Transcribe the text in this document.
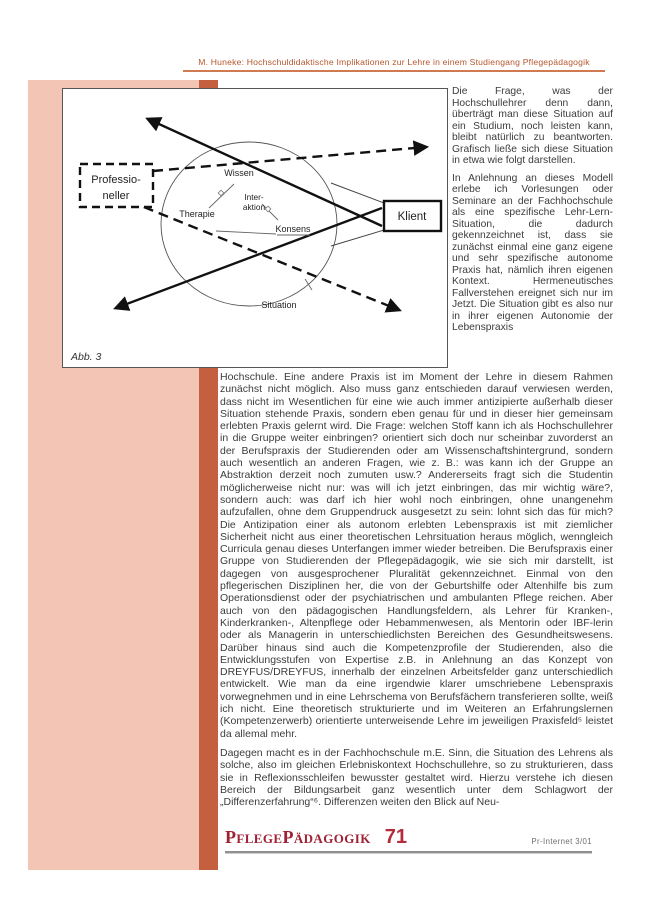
M. Huneke: Hochschuldidaktische Implikationen zur Lehre in einem Studiengang Pflegepädagogik
Professio-
neller
Klient
Wissen
Inter-
aktion
Therapie
Konsens
Situation
Abb. 3

Die Frage, was der Hochschullehrer denn dann, überträgt man diese Situation auf ein Studium, noch leisten kann, bleibt natürlich zu beantworten. Grafisch ließe sich diese Situation in etwa wie folgt darstellen.

In Anlehnung an dieses Modell erlebe ich Vorlesungen oder Seminare an der Fachhochschule als eine spezifische Lehr-Lern-Situation, die dadurch gekennzeichnet ist, dass sie zunächst einmal eine ganz eigene und sehr spezifische autonome Praxis hat, nämlich ihren eigenen Kontext. Hermeneutisches Fallverstehen ereignet sich nur im Jetzt. Die Situation gibt es also nur in ihrer eigenen Autonomie der Lebenspraxis

Hochschule. Eine andere Praxis ist im Moment der Lehre in diesem Rahmen zunächst nicht möglich. Also muss ganz entschieden darauf verwiesen werden, dass nicht im Wesentlichen für eine wie auch immer antizipierte außerhalb dieser Situation stehende Praxis, sondern eben genau für und in dieser hier gemeinsam erlebten Praxis gelernt wird. Die Frage: welchen Stoff kann ich als Hochschullehrer in die Gruppe weiter einbringen? orientiert sich doch nur scheinbar zuvorderst an der Berufspraxis der Studierenden oder am Wissenschaftshintergrund, sondern auch wesentlich an anderen Fragen, wie z. B.: was kann ich der Gruppe an Abstraktion derzeit noch zumuten usw.? Andererseits fragt sich die Studentin möglicherweise nicht nur: was will ich jetzt einbringen, das mir wichtig wäre?, sondern auch: was darf ich hier wohl noch einbringen, ohne unangenehm aufzufallen, ohne dem Gruppendruck ausgesetzt zu sein: lohnt sich das für mich? Die Antizipation einer als autonom erlebten Lebenspraxis ist mit ziemlicher Sicherheit nicht aus einer theoretischen Lehrsituation heraus möglich, wenngleich Curricula genau dieses Unterfangen immer wieder betreiben. Die Berufspraxis einer Gruppe von Studierenden der Pflegepädagogik, wie sie sich mir darstellt, ist dagegen von ausgesprochener Pluralität gekennzeichnet. Einmal von den pflegerischen Disziplinen her, die von der Geburtshilfe oder Altenhilfe bis zum Operationsdienst oder der psychiatrischen und ambulanten Pflege reichen. Aber auch von den pädagogischen Handlungsfeldern, als Lehrer für Kranken-, Kinderkranken-, Altenpflege oder Hebammenwesen, als Mentorin oder IBF-lerin oder als Managerin in unterschiedlichsten Bereichen des Gesundheitswesens. Darüber hinaus sind auch die Kompetenzprofile der Studierenden, also die Entwicklungsstufen von Expertise z.B. in Anlehnung an das Konzept von DREYFUS/DREYFUS, innerhalb der einzelnen Arbeitsfelder ganz unterschiedlich entwickelt. Wie man da eine irgendwie klarer umschriebene Lebenspraxis vorwegnehmen und in eine Lehrschema von Berufsfächern transferieren sollte, weiß ich nicht. Eine theoretisch strukturierte und im Weiteren an Erfahrungslernen (Kompetenzerwerb) orientierte unterweisende Lehre im jeweiligen Praxisfeld⁵ leistet da allemal mehr.

Dagegen macht es in der Fachhochschule m.E. Sinn, die Situation des Lehrens als solche, also im gleichen Erlebniskontext Hochschullehre, so zu strukturieren, dass sie in Reflexionsschleifen bewusster gestaltet wird. Hierzu verstehe ich diesen Bereich der Bildungsarbeit ganz wesentlich unter dem Schlagwort der „Differenzerfahrung“⁶. Differenzen weiten den Blick auf Neu-

PflegePädagogik 71	Pr-Internet 3/01
